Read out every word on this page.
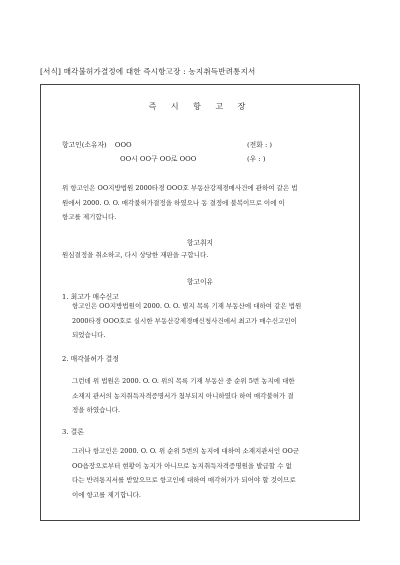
[서식] 매각불허가결정에 대한 즉시항고장 : 농지취득반려통지서
즉 시 항 고 장
항고인(소유자) OOO	(전화 : )
OO시 OO구 OO로 OOO	(우 : )
위 항고인은 OO지방법원 2000타경 OOO호 부동산강제경매사건에 관하여 같은 법
원에서 2000. O. O. 매각불허가결정을 하였으나 동 결정에 불복이므로 이에 이
항고를 제기합니다.
항고취지
원심결정을 취소하고, 다시 상당한 재판을 구합니다.
항고이유
1. 최고가 매수신고
항고인은 OO지방법원이 2000. O. O. 별지 목록 기재 부동산에 대하여 같은 법원
2000타경 OOO호로 실시한 부동산강제경매신청사건에서 최고가 매수신고인이
되었습니다.
2. 매각불허가 결정
그런데 위 법원은 2000. O. O. 위의 목록 기재 부동산 중 순위 5번 농지에 대한
소재지 관서의 농지취득자격증명서가 첨부되지 아니하였다 하여 매각불허가 결
정을 하였습니다.
3. 결론
그러나 항고인은 2000. O. O. 위 순위 5번의 농지에 대하여 소재지관서인 OO군
OO읍장으로부터 현황이 농지가 아니므로 농지취득자격증명원을 발급할 수 없
다는 반려통지서를 받았으므로 항고인에 대하여 매각허가가 되어야 할 것이므로
이에 항고를 제기합니다.
